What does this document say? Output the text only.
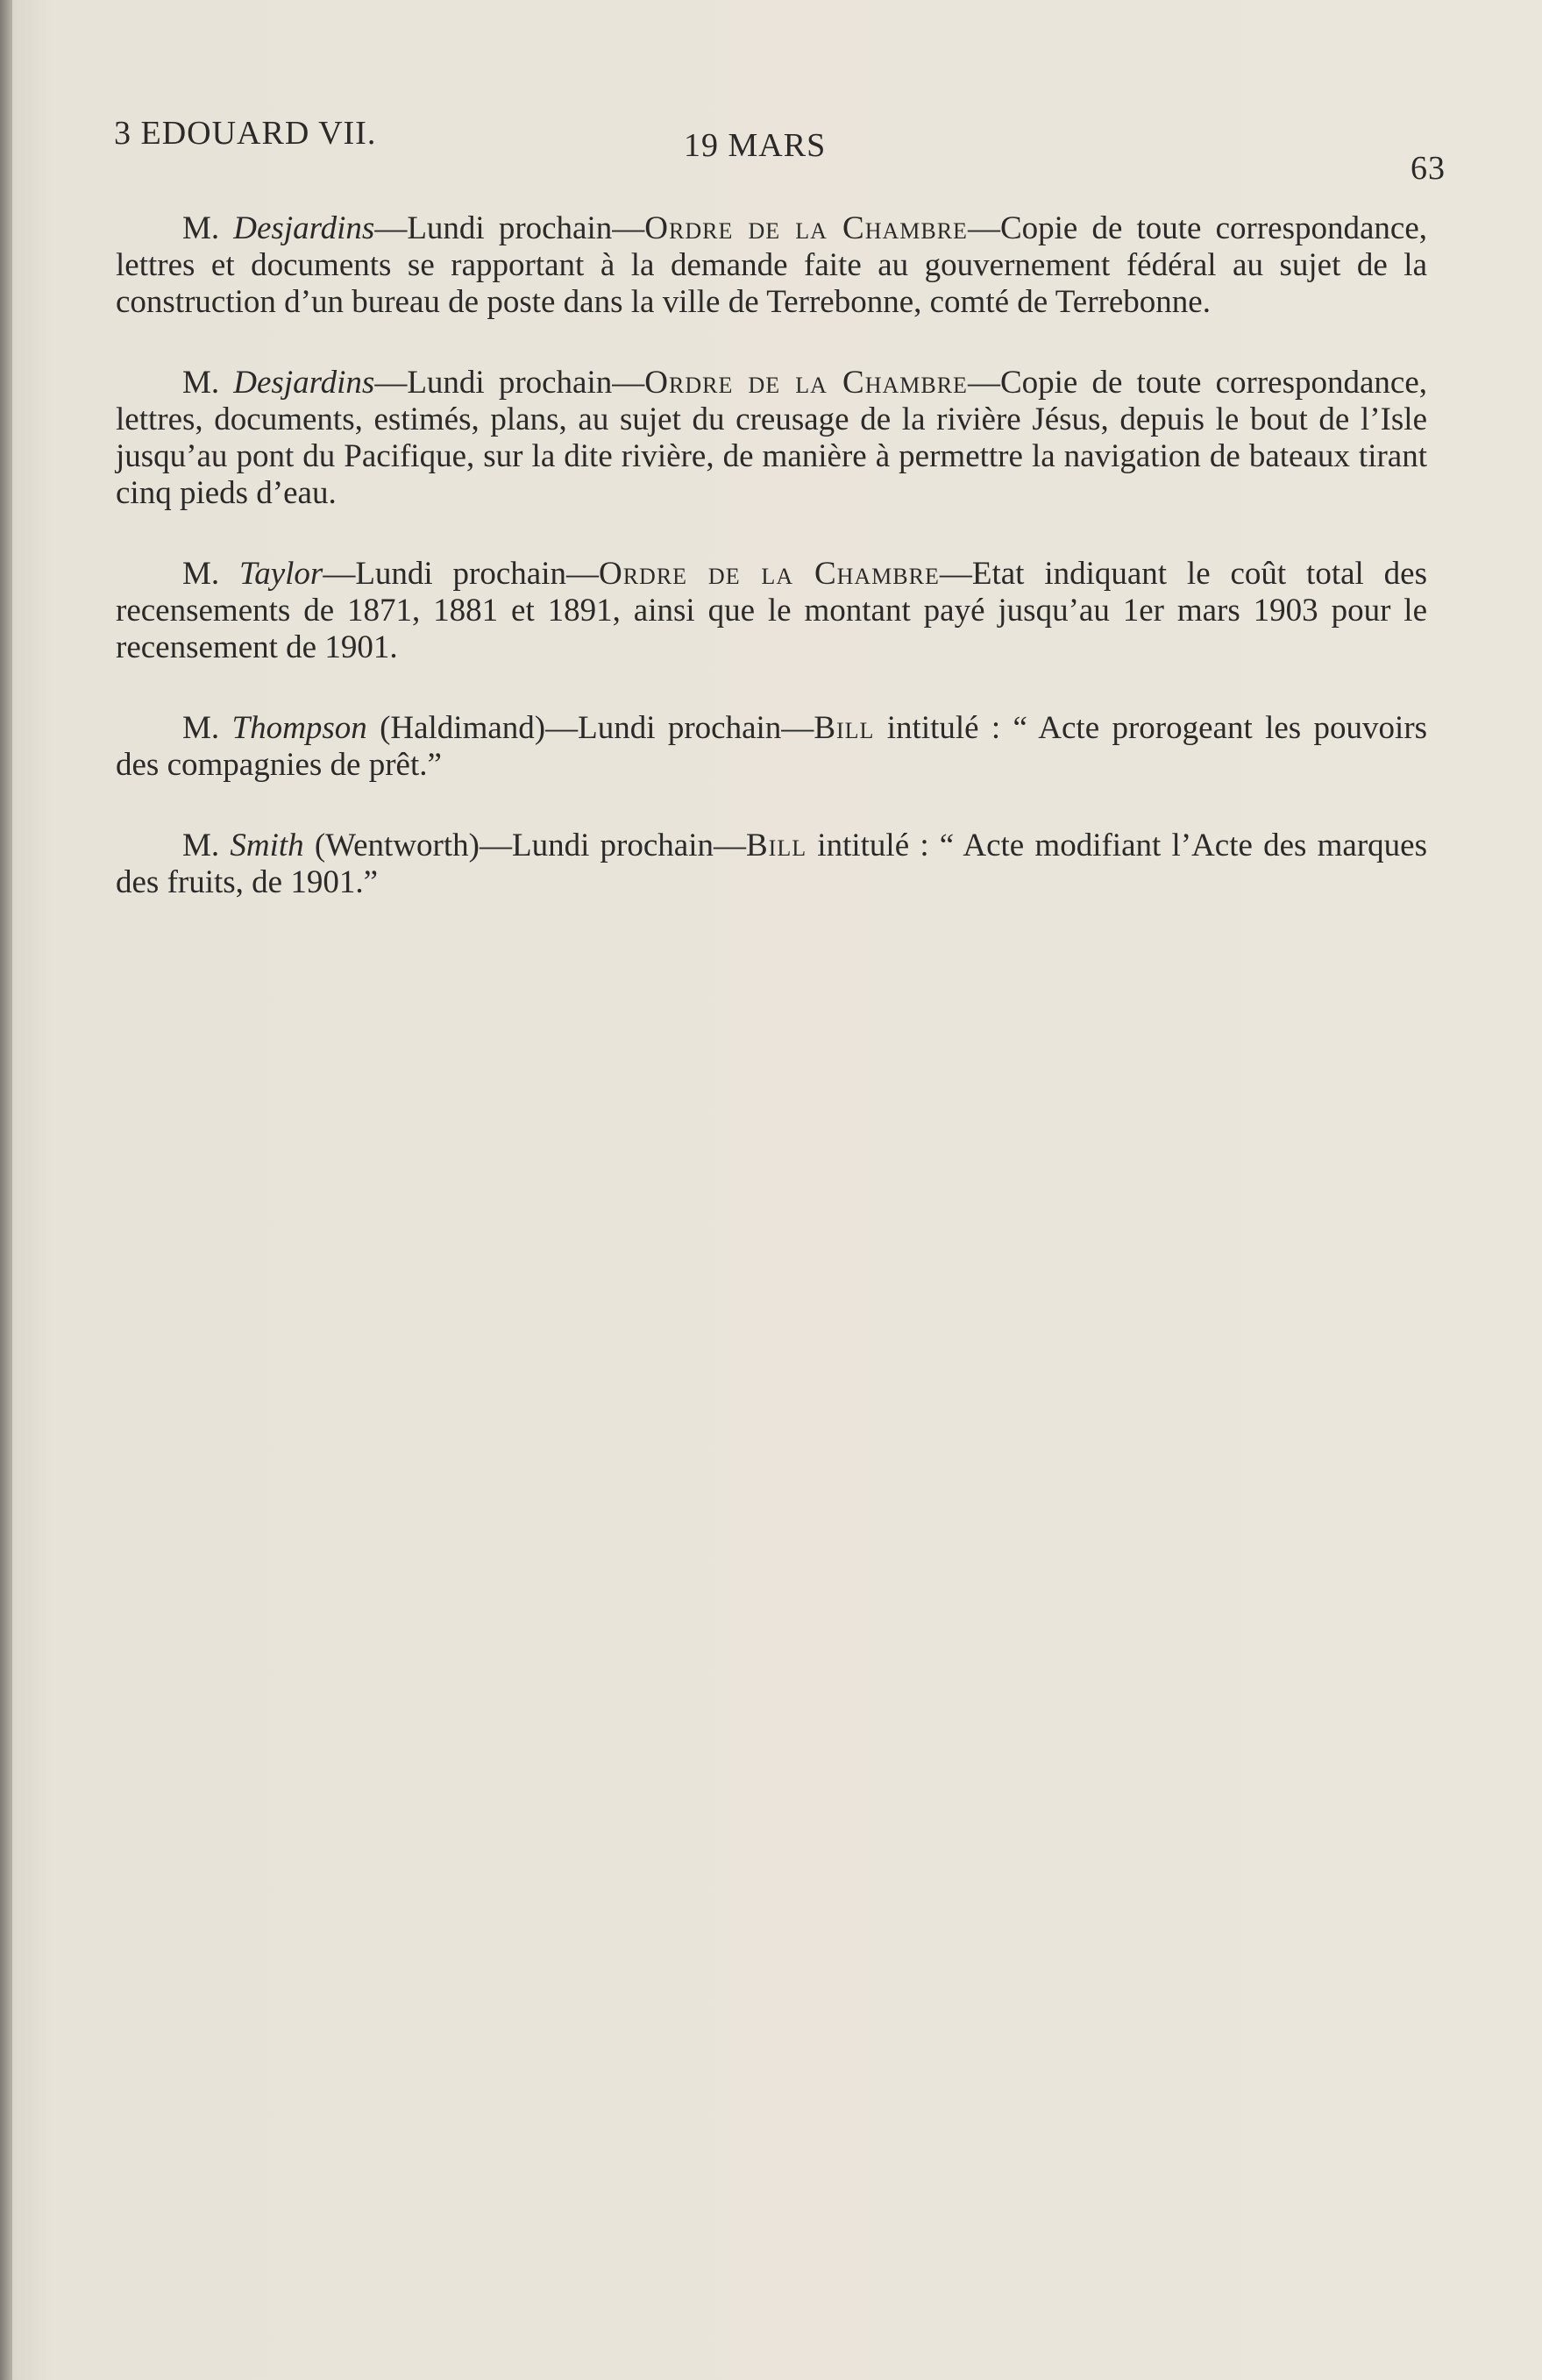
3 EDOUARD VII.	19 MARS
63

M. Desjardins—Lundi prochain—Ordre de la Chambre—Copie de toute correspondance, lettres et documents se rapportant à la demande faite au gouvernement fédéral au sujet de la construction d’un bureau de poste dans la ville de Terrebonne, comté de Terrebonne.

M. Desjardins—Lundi prochain—Ordre de la Chambre—Copie de toute correspondance, lettres, documents, estimés, plans, au sujet du creusage de la rivière Jésus, depuis le bout de l’Isle jusqu’au pont du Pacifique, sur la dite rivière, de manière à permettre la navigation de bateaux tirant cinq pieds d’eau.

M. Taylor—Lundi prochain—Ordre de la Chambre—Etat indiquant le coût total des recensements de 1871, 1881 et 1891, ainsi que le montant payé jusqu’au 1er mars 1903 pour le recensement de 1901.

M. Thompson (Haldimand)—Lundi prochain—Bill intitulé : “ Acte prorogeant les pouvoirs des compagnies de prêt.”

M. Smith (Wentworth)—Lundi prochain—Bill intitulé : “ Acte modifiant l’Acte des marques des fruits, de 1901.”
